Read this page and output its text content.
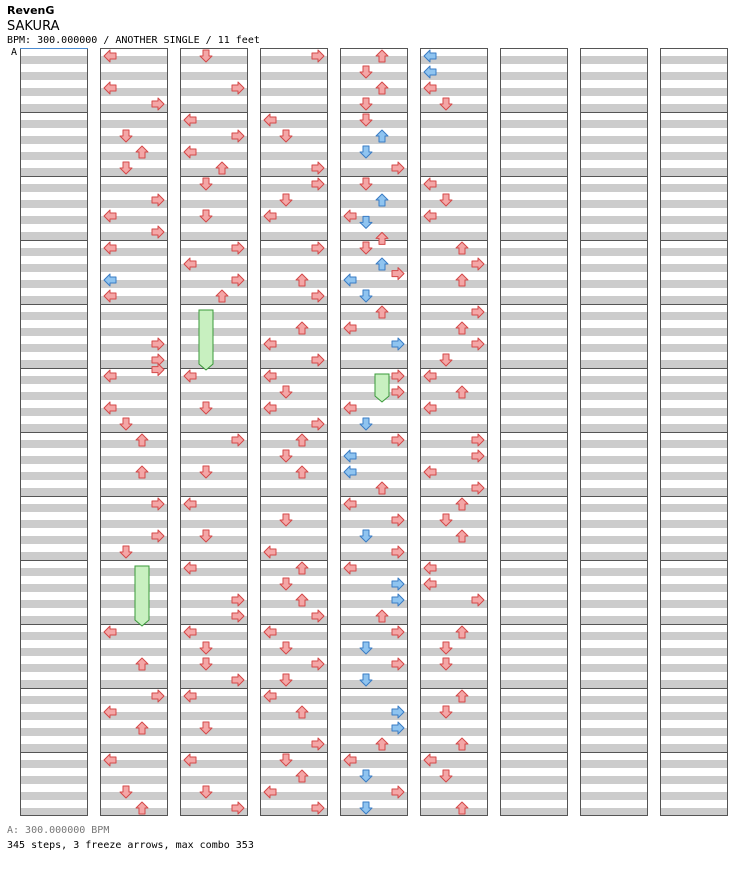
RevenG
SAKURA
BPM: 300.000000 / ANOTHER SINGLE / 11 feet
A
A: 300.000000 BPM
345 steps, 3 freeze arrows, max combo 353
